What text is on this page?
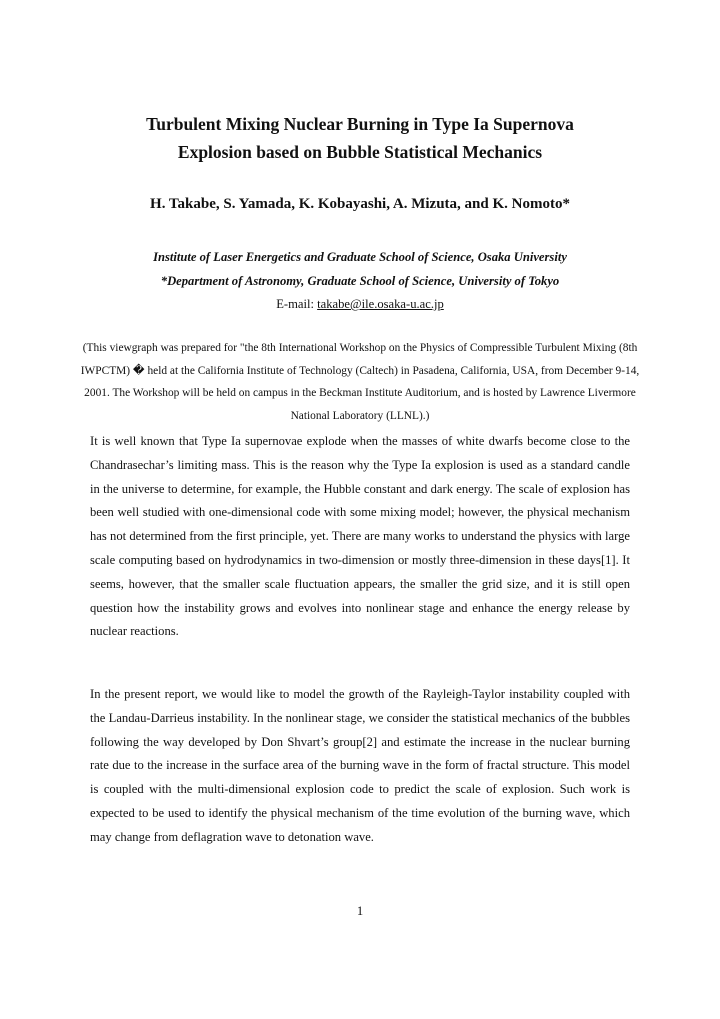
Turbulent Mixing Nuclear Burning in Type Ia Supernova
Explosion based on Bubble Statistical Mechanics
H. Takabe, S. Yamada, K. Kobayashi, A. Mizuta, and K. Nomoto*
Institute of Laser Energetics and Graduate School of Science, Osaka University
*Department of Astronomy, Graduate School of Science, University of Tokyo
E-mail: takabe@ile.osaka-u.ac.jp
(This viewgraph was prepared for "the 8th International Workshop on the Physics of Compressible Turbulent Mixing (8th IWPCTM) � held at the California Institute of Technology (Caltech) in Pasadena, California, USA, from December 9-14, 2001. The Workshop will be held on campus in the Beckman Institute Auditorium, and is hosted by Lawrence Livermore National Laboratory (LLNL).)
It is well known that Type Ia supernovae explode when the masses of white dwarfs become close to the Chandrasechar’s limiting mass. This is the reason why the Type Ia explosion is used as a standard candle in the universe to determine, for example, the Hubble constant and dark energy. The scale of explosion has been well studied with one-dimensional code with some mixing model; however, the physical mechanism has not determined from the first principle, yet. There are many works to understand the physics with large scale computing based on hydrodynamics in two-dimension or mostly three-dimension in these days[1]. It seems, however, that the smaller scale fluctuation appears, the smaller the grid size, and it is still open question how the instability grows and evolves into nonlinear stage and enhance the energy release by nuclear reactions.
In the present report, we would like to model the growth of the Rayleigh-Taylor instability coupled with the Landau-Darrieus instability. In the nonlinear stage, we consider the statistical mechanics of the bubbles following the way developed by Don Shvart’s group[2] and estimate the increase in the nuclear burning rate due to the increase in the surface area of the burning wave in the form of fractal structure. This model is coupled with the multi-dimensional explosion code to predict the scale of explosion. Such work is expected to be used to identify the physical mechanism of the time evolution of the burning wave, which may change from deflagration wave to detonation wave.
1
